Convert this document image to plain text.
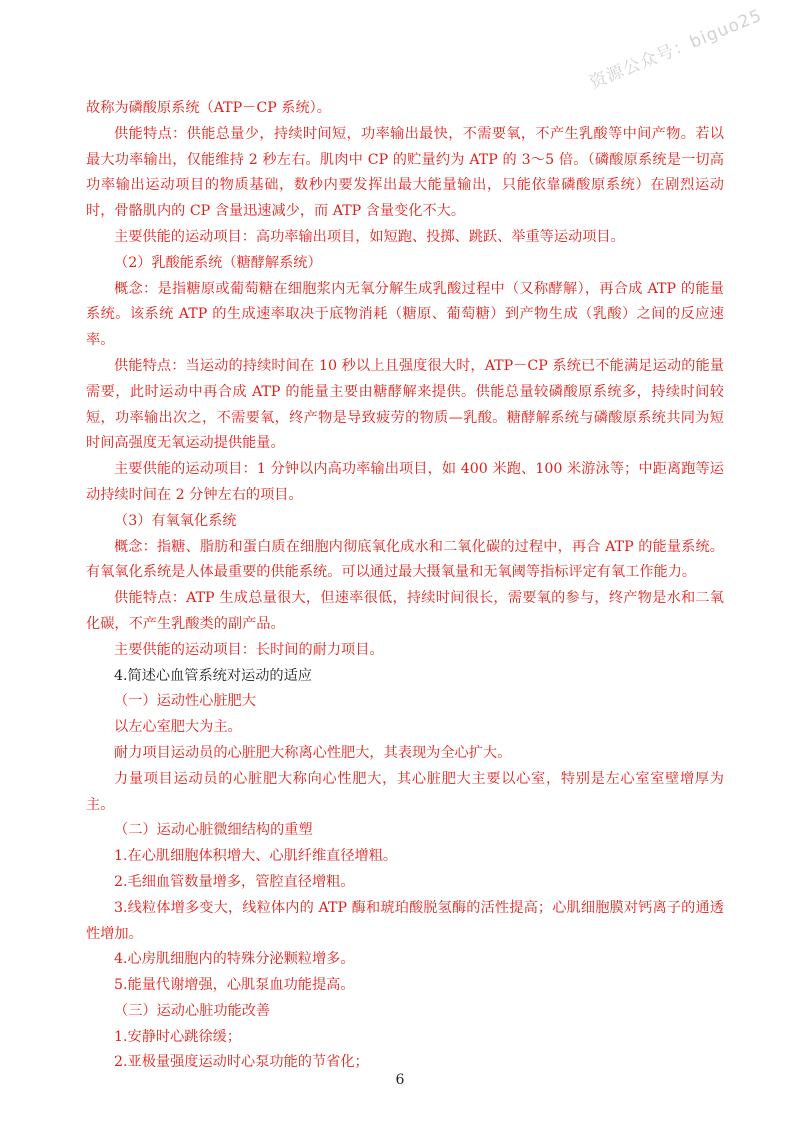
资源公众号：biguo25

故称为磷酸原系统（ATP－CP 系统）。

供能特点：供能总量少，持续时间短，功率输出最快，不需要氧，不产生乳酸等中间产物。若以最大功率输出，仅能维持 2 秒左右。肌肉中 CP 的贮量约为 ATP 的 3～5 倍。（磷酸原系统是一切高功率输出运动项目的物质基础，数秒内要发挥出最大能量输出，只能依靠磷酸原系统）在剧烈运动时，骨骼肌内的 CP 含量迅速减少，而 ATP 含量变化不大。

主要供能的运动项目：高功率输出项目，如短跑、投掷、跳跃、举重等运动项目。

（2）乳酸能系统（糖酵解系统）

概念：是指糖原或葡萄糖在细胞浆内无氧分解生成乳酸过程中（又称酵解），再合成 ATP 的能量系统。该系统 ATP 的生成速率取决于底物消耗（糖原、葡萄糖）到产物生成（乳酸）之间的反应速率。

供能特点：当运动的持续时间在 10 秒以上且强度很大时，ATP－CP 系统已不能满足运动的能量需要，此时运动中再合成 ATP 的能量主要由糖酵解来提供。供能总量较磷酸原系统多，持续时间较短，功率输出次之，不需要氧，终产物是导致疲劳的物质—乳酸。糖酵解系统与磷酸原系统共同为短时间高强度无氧运动提供能量。

主要供能的运动项目：1 分钟以内高功率输出项目，如 400 米跑、100 米游泳等；中距离跑等运动持续时间在 2 分钟左右的项目。

（3）有氧氧化系统

概念：指糖、脂肪和蛋白质在细胞内彻底氧化成水和二氧化碳的过程中，再合 ATP 的能量系统。有氧氧化系统是人体最重要的供能系统。可以通过最大摄氧量和无氧阈等指标评定有氧工作能力。

供能特点：ATP 生成总量很大，但速率很低，持续时间很长，需要氧的参与，终产物是水和二氧化碳，不产生乳酸类的副产品。

主要供能的运动项目：长时间的耐力项目。

4.简述心血管系统对运动的适应

（一）运动性心脏肥大

以左心室肥大为主。

耐力项目运动员的心脏肥大称离心性肥大，其表现为全心扩大。

力量项目运动员的心脏肥大称向心性肥大，其心脏肥大主要以心室，特别是左心室室壁增厚为主。

（二）运动心脏微细结构的重塑

1.在心肌细胞体积增大、心肌纤维直径增粗。

2.毛细血管数量增多，管腔直径增粗。

3.线粒体增多变大，线粒体内的 ATP 酶和琥珀酸脱氢酶的活性提高；心肌细胞膜对钙离子的通透性增加。

4.心房肌细胞内的特殊分泌颗粒增多。

5.能量代谢增强，心肌泵血功能提高。

（三）运动心脏功能改善

1.安静时心跳徐缓；

2.亚极量强度运动时心泵功能的节省化；

6
